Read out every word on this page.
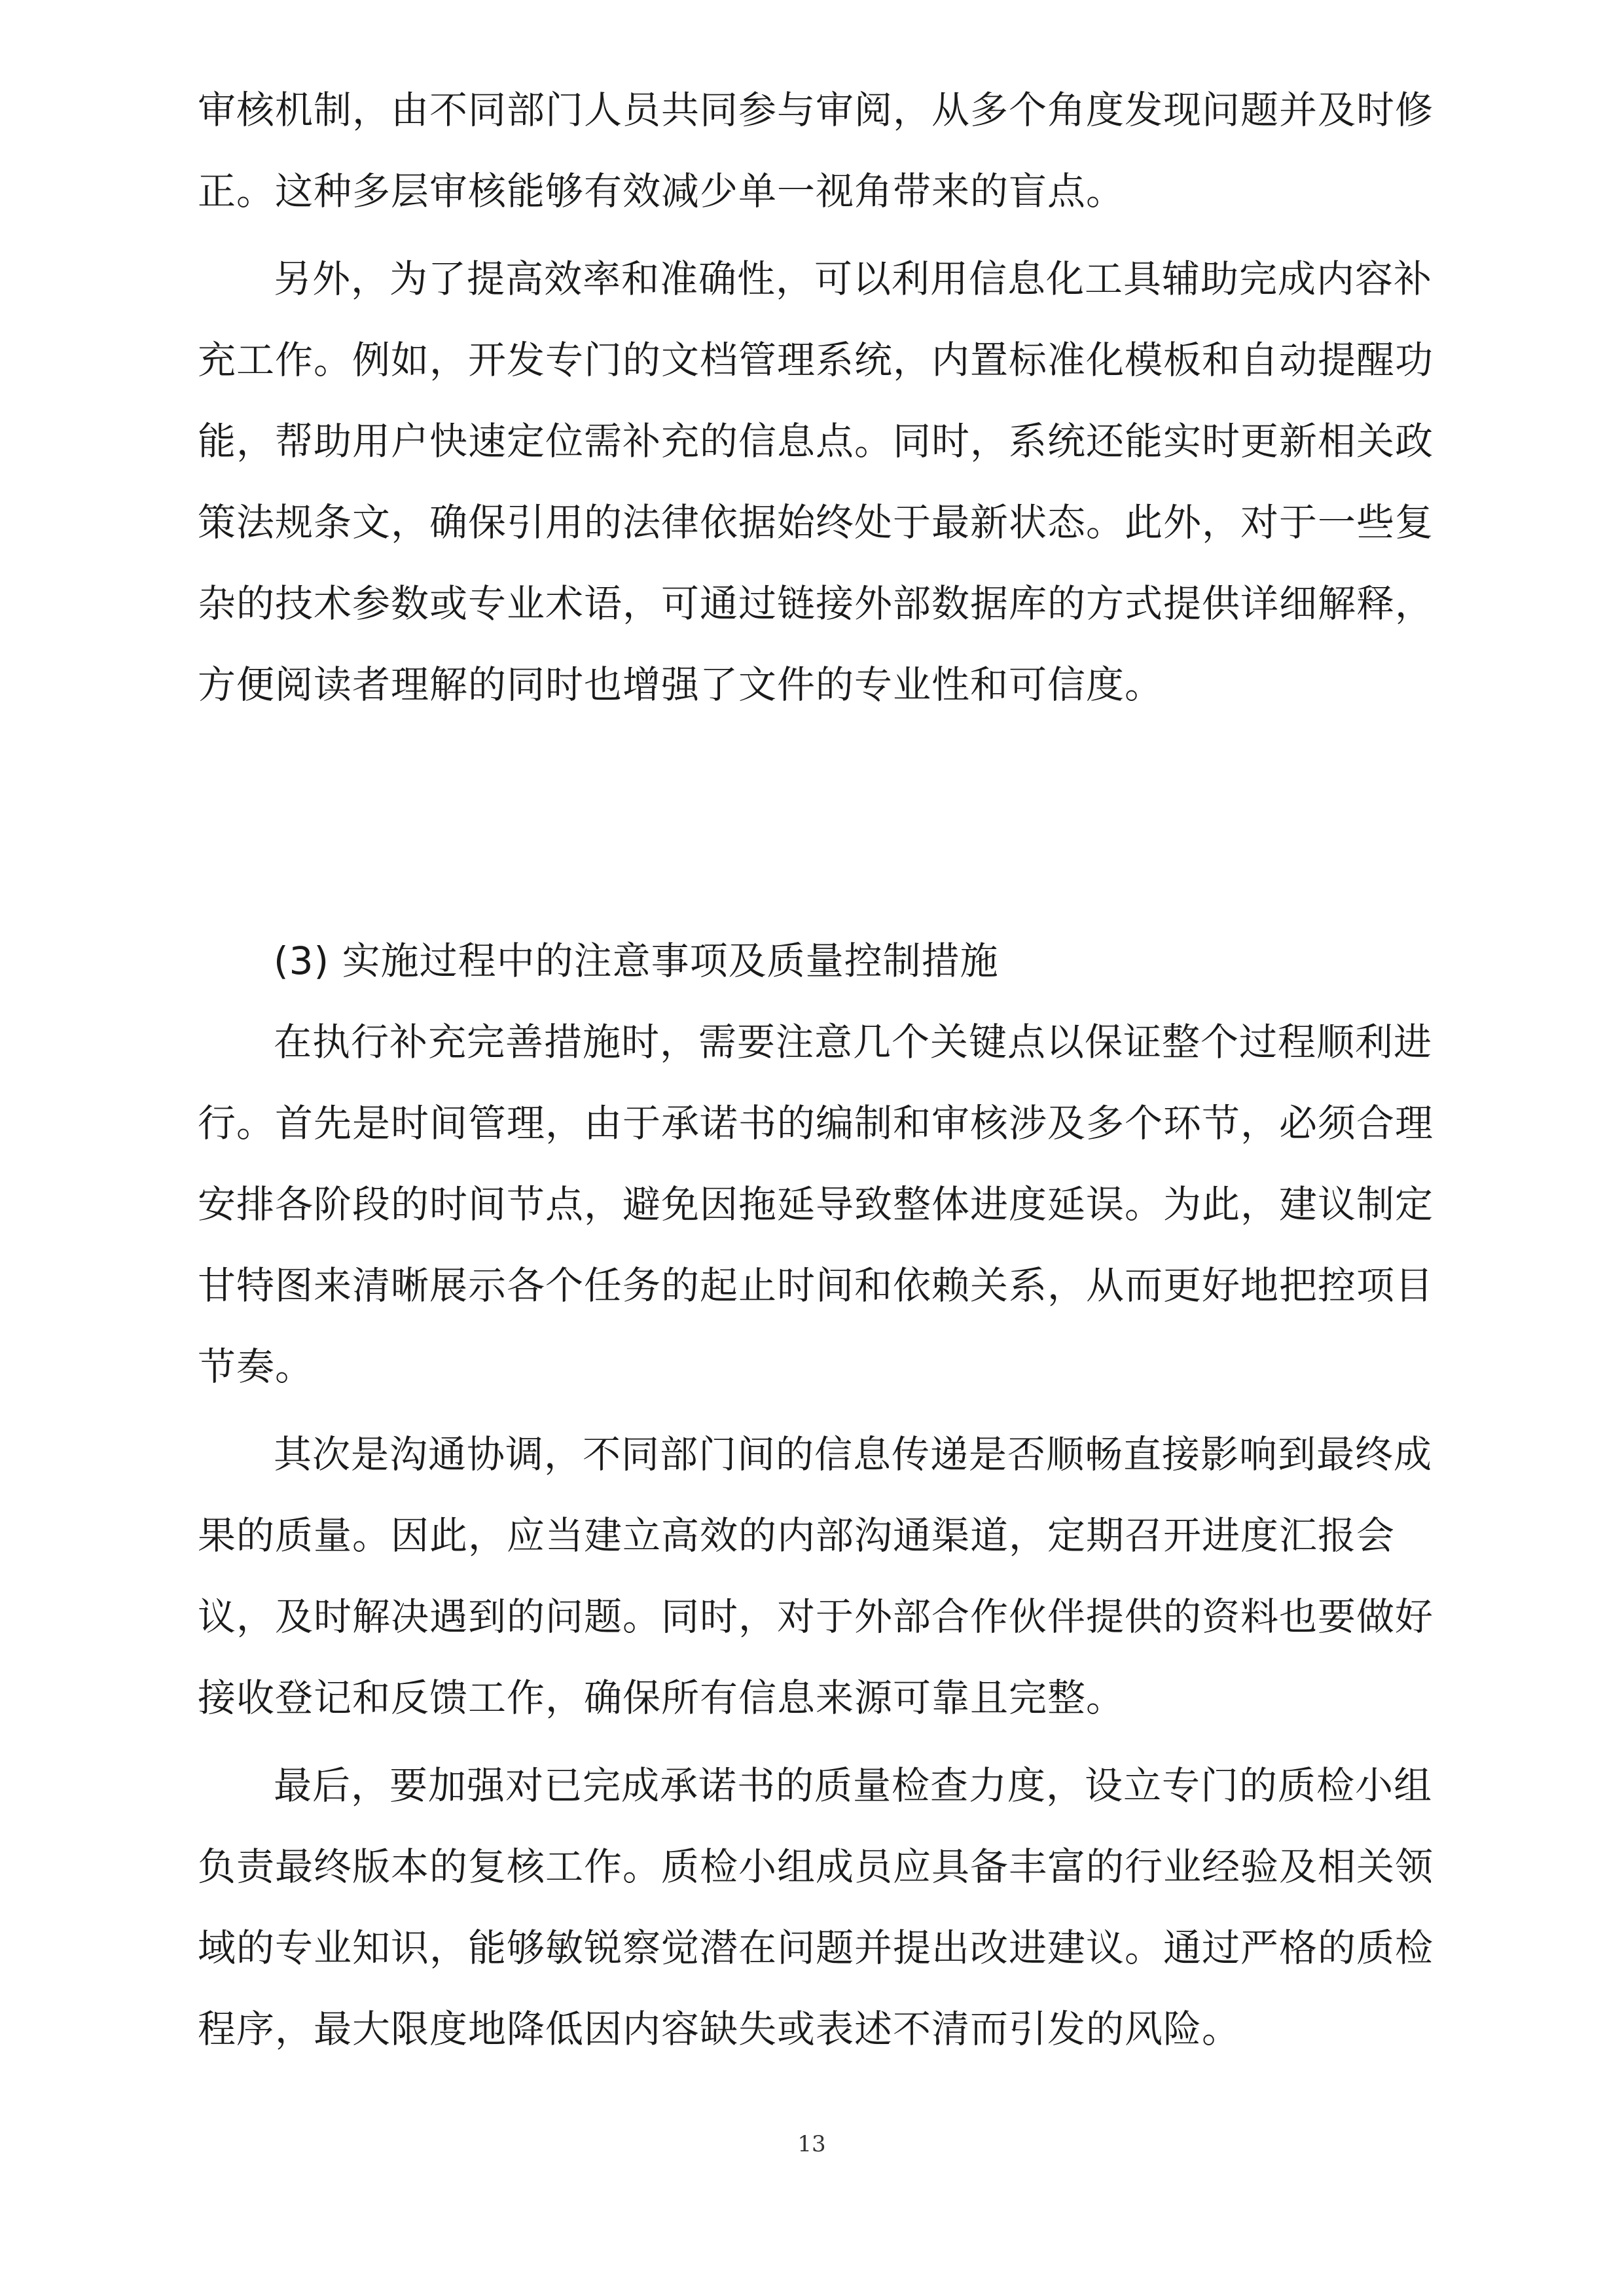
审核机制，由不同部门人员共同参与审阅，从多个角度发现问题并及时修
正。这种多层审核能够有效减少单一视角带来的盲点。
另外，为了提高效率和准确性，可以利用信息化工具辅助完成内容补
充工作。例如，开发专门的文档管理系统，内置标准化模板和自动提醒功
能，帮助用户快速定位需补充的信息点。同时，系统还能实时更新相关政
策法规条文，确保引用的法律依据始终处于最新状态。此外，对于一些复
杂的技术参数或专业术语，可通过链接外部数据库的方式提供详细解释，
方便阅读者理解的同时也增强了文件的专业性和可信度。
(3) 实施过程中的注意事项及质量控制措施
在执行补充完善措施时，需要注意几个关键点以保证整个过程顺利进
行。首先是时间管理，由于承诺书的编制和审核涉及多个环节，必须合理
安排各阶段的时间节点，避免因拖延导致整体进度延误。为此，建议制定
甘特图来清晰展示各个任务的起止时间和依赖关系，从而更好地把控项目
节奏。
其次是沟通协调，不同部门间的信息传递是否顺畅直接影响到最终成
果的质量。因此，应当建立高效的内部沟通渠道，定期召开进度汇报会
议，及时解决遇到的问题。同时，对于外部合作伙伴提供的资料也要做好
接收登记和反馈工作，确保所有信息来源可靠且完整。
最后，要加强对已完成承诺书的质量检查力度，设立专门的质检小组
负责最终版本的复核工作。质检小组成员应具备丰富的行业经验及相关领
域的专业知识，能够敏锐察觉潜在问题并提出改进建议。通过严格的质检
程序，最大限度地降低因内容缺失或表述不清而引发的风险。
13
